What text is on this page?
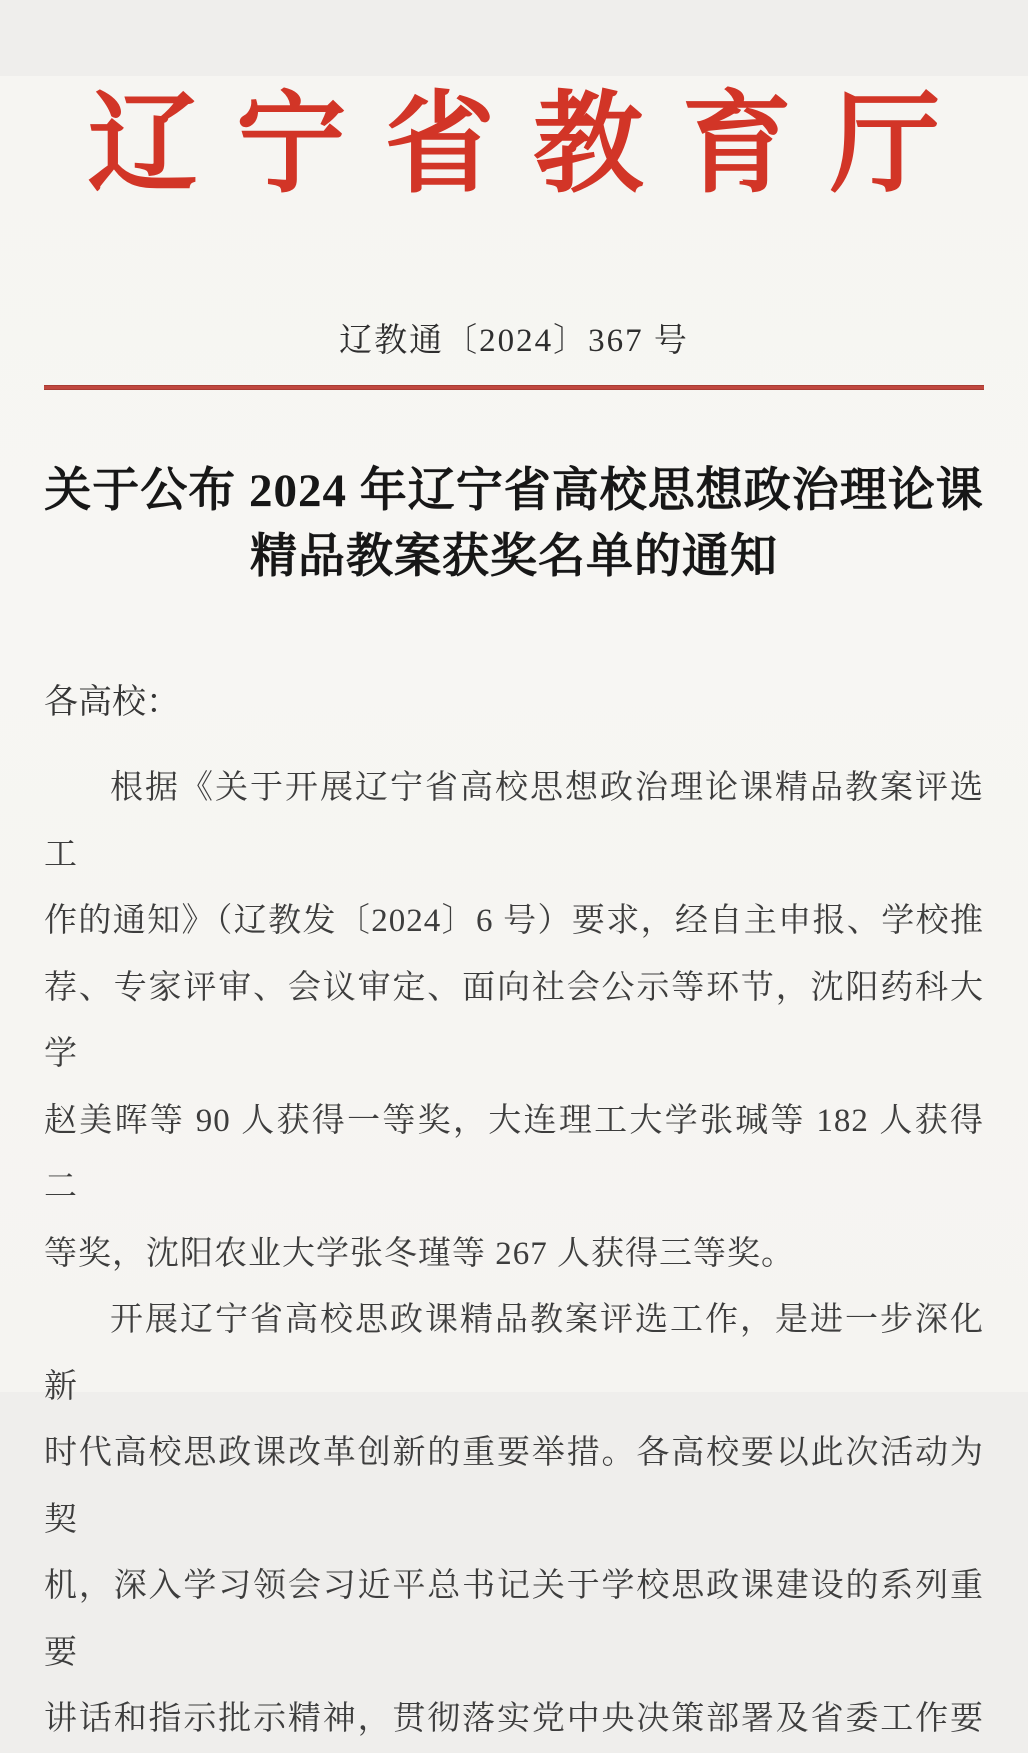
辽宁省教育厅
辽教通〔2024〕367 号
关于公布 2024 年辽宁省高校思想政治理论课
精品教案获奖名单的通知
各高校：
根据《关于开展辽宁省高校思想政治理论课精品教案评选工
作的通知》（辽教发〔2024〕6 号）要求，经自主申报、学校推
荐、专家评审、会议审定、面向社会公示等环节，沈阳药科大学
赵美晖等 90 人获得一等奖，大连理工大学张瑊等 182 人获得二
等奖，沈阳农业大学张冬瑾等 267 人获得三等奖。
开展辽宁省高校思政课精品教案评选工作，是进一步深化新
时代高校思政课改革创新的重要举措。各高校要以此次活动为契
机，深入学习领会习近平总书记关于学校思政课建设的系列重要
讲话和指示批示精神，贯彻落实党中央决策部署及省委工作要
